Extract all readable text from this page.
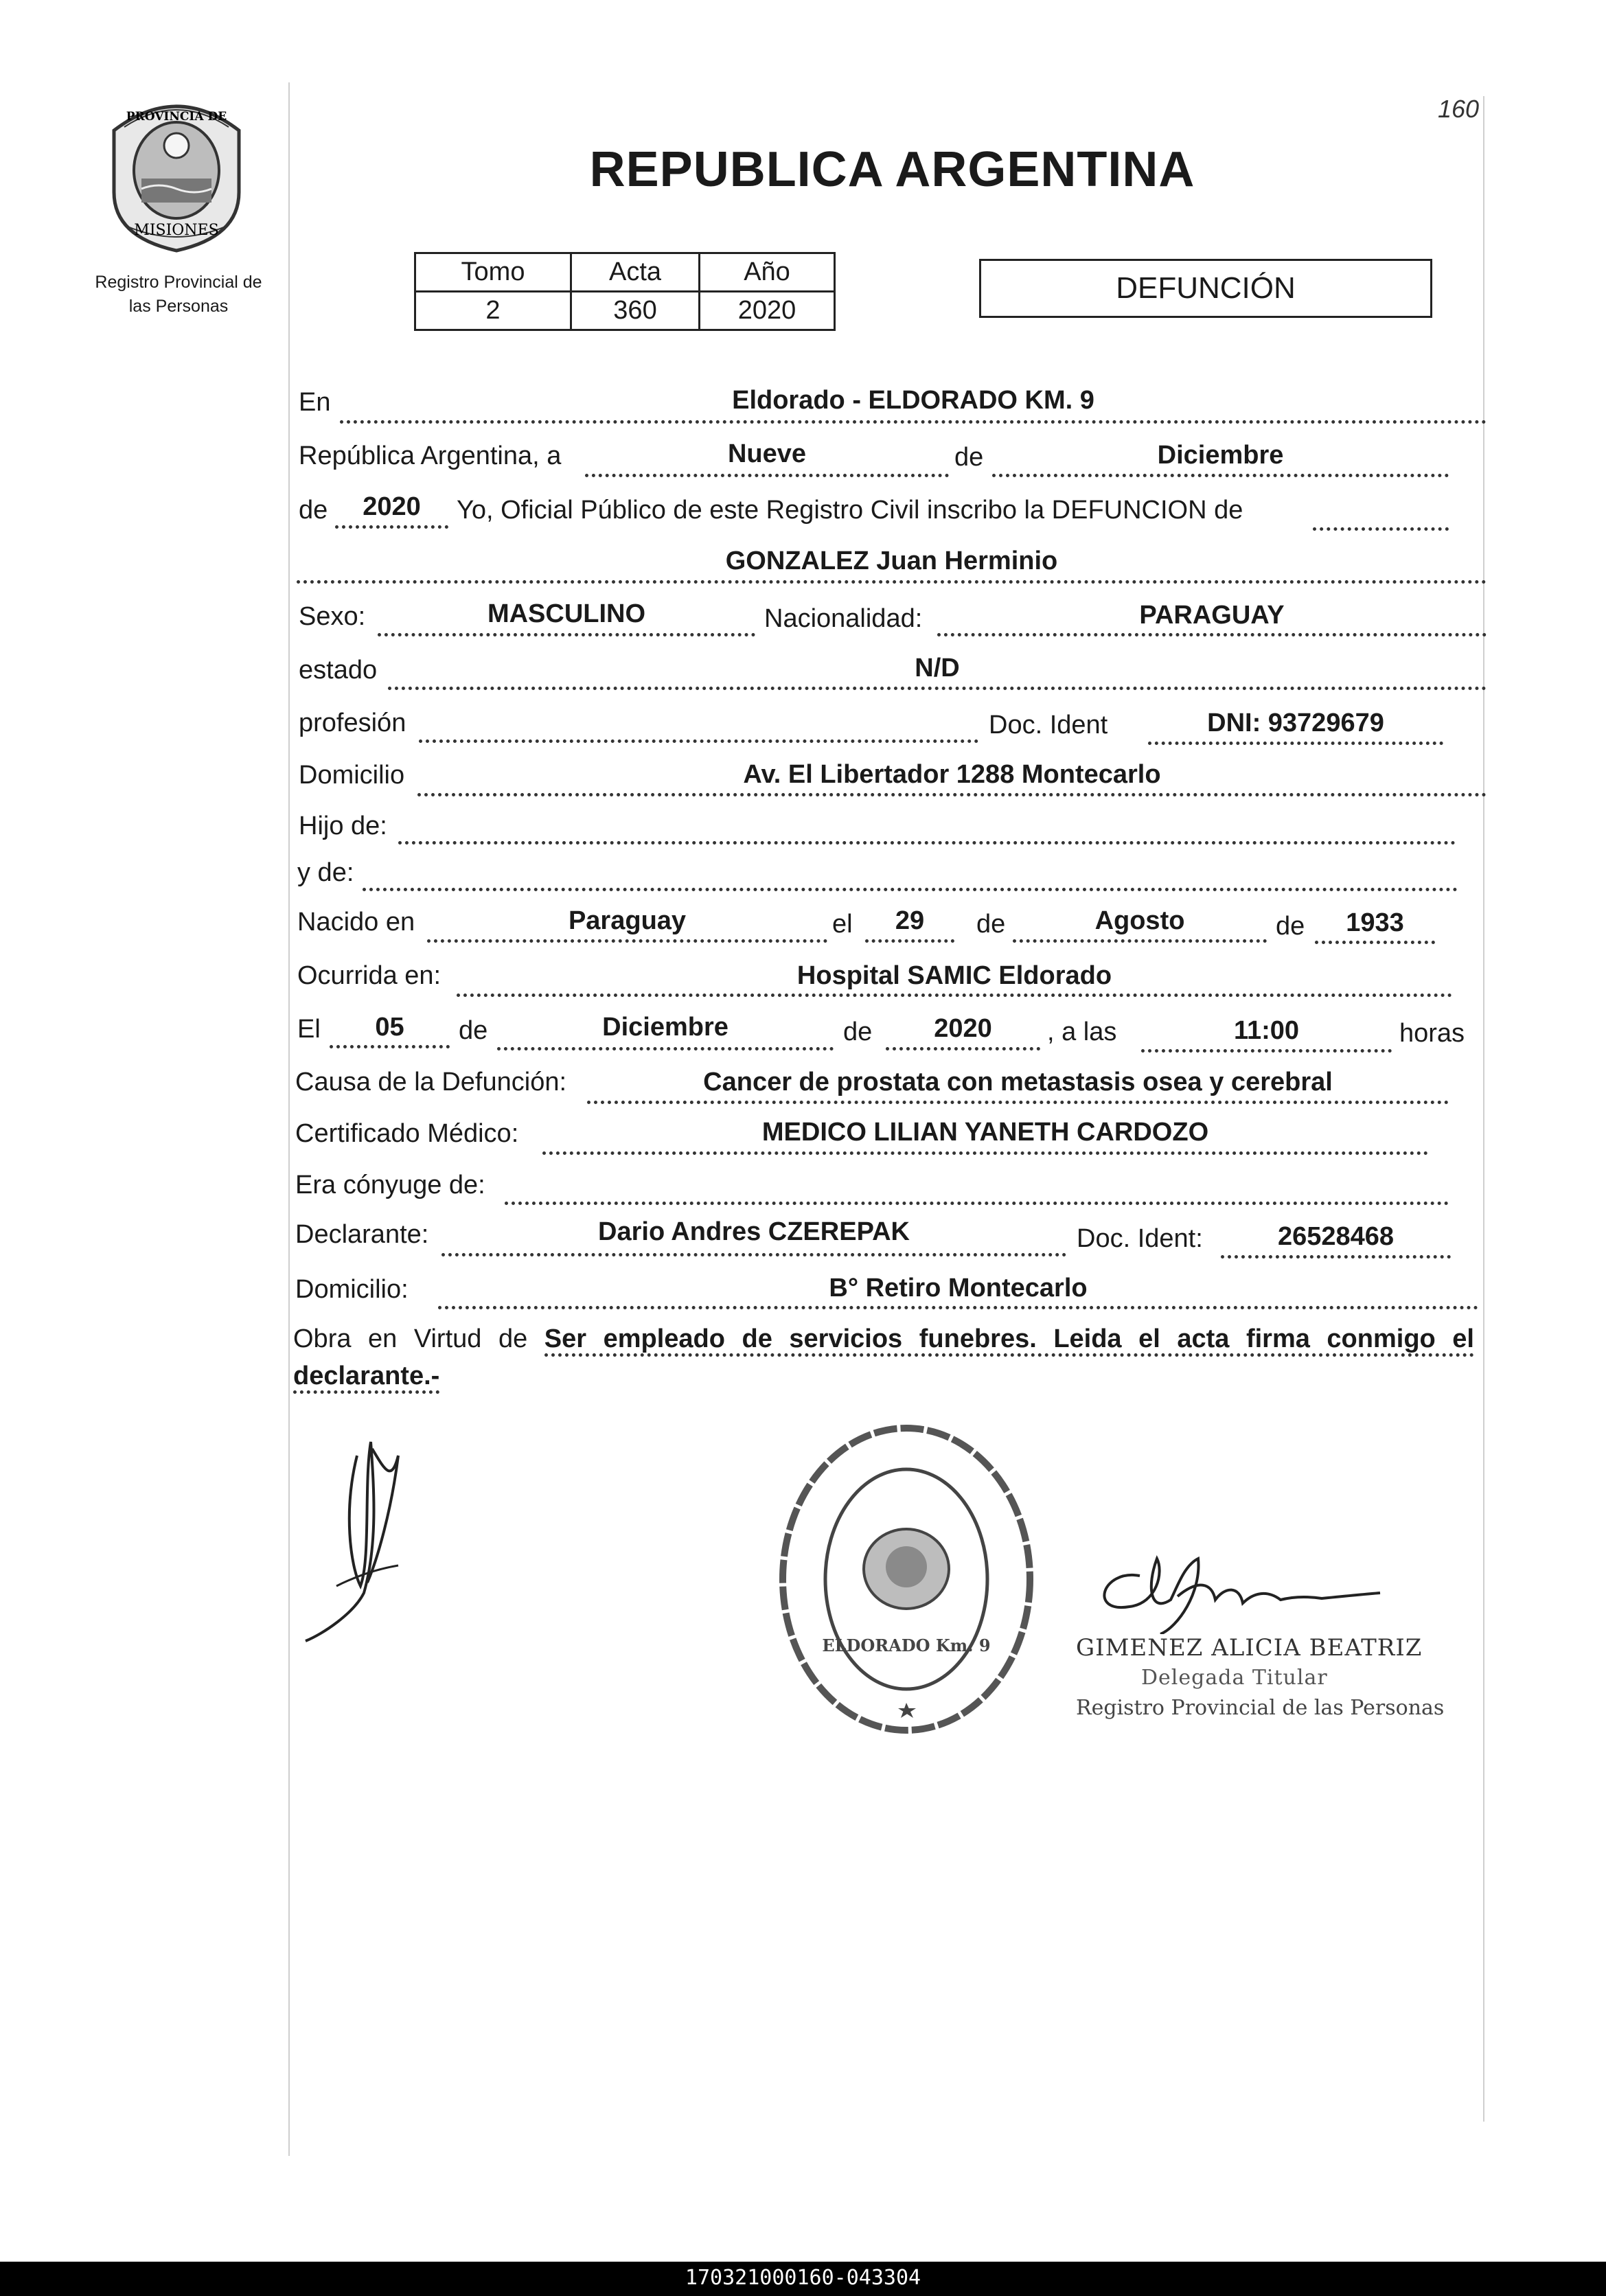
160
PROVINCIA DE
MISIONES
Registro Provincial de
las Personas
REPUBLICA ARGENTINA
Tomo	Acta	Año
2	360	2020
DEFUNCIÓN
En	Eldorado - ELDORADO KM. 9
República Argentina, a	Nueve	de	Diciembre
de	2020	Yo, Oficial Público de este Registro Civil inscribo la DEFUNCION de
GONZALEZ Juan Herminio
Sexo:	MASCULINO	Nacionalidad:	PARAGUAY
estado	N/D
profesión	Doc. Ident	DNI: 93729679
Domicilio	Av. El Libertador 1288 Montecarlo
Hijo de:
y de:
Nacido en	Paraguay	el	29	de	Agosto	de	1933
Ocurrida en:	Hospital SAMIC Eldorado
El	05	de	Diciembre	de	2020	, a las	11:00	horas
Causa de la Defunción:	Cancer de prostata con metastasis osea y cerebral
Certificado Médico:	MEDICO LILIAN YANETH CARDOZO
Era cónyuge de:
Declarante:	Dario Andres CZEREPAK	Doc. Ident:	26528468
Domicilio:	B° Retiro Montecarlo
Obra en Virtud de Ser empleado de servicios funebres. Leida el acta firma conmigo el declarante.-
ELDORADO Km. 9	GIMENEZ ALICIA BEATRIZ
Delegada Titular
Registro Provincial de las Personas
170321000160-043304
